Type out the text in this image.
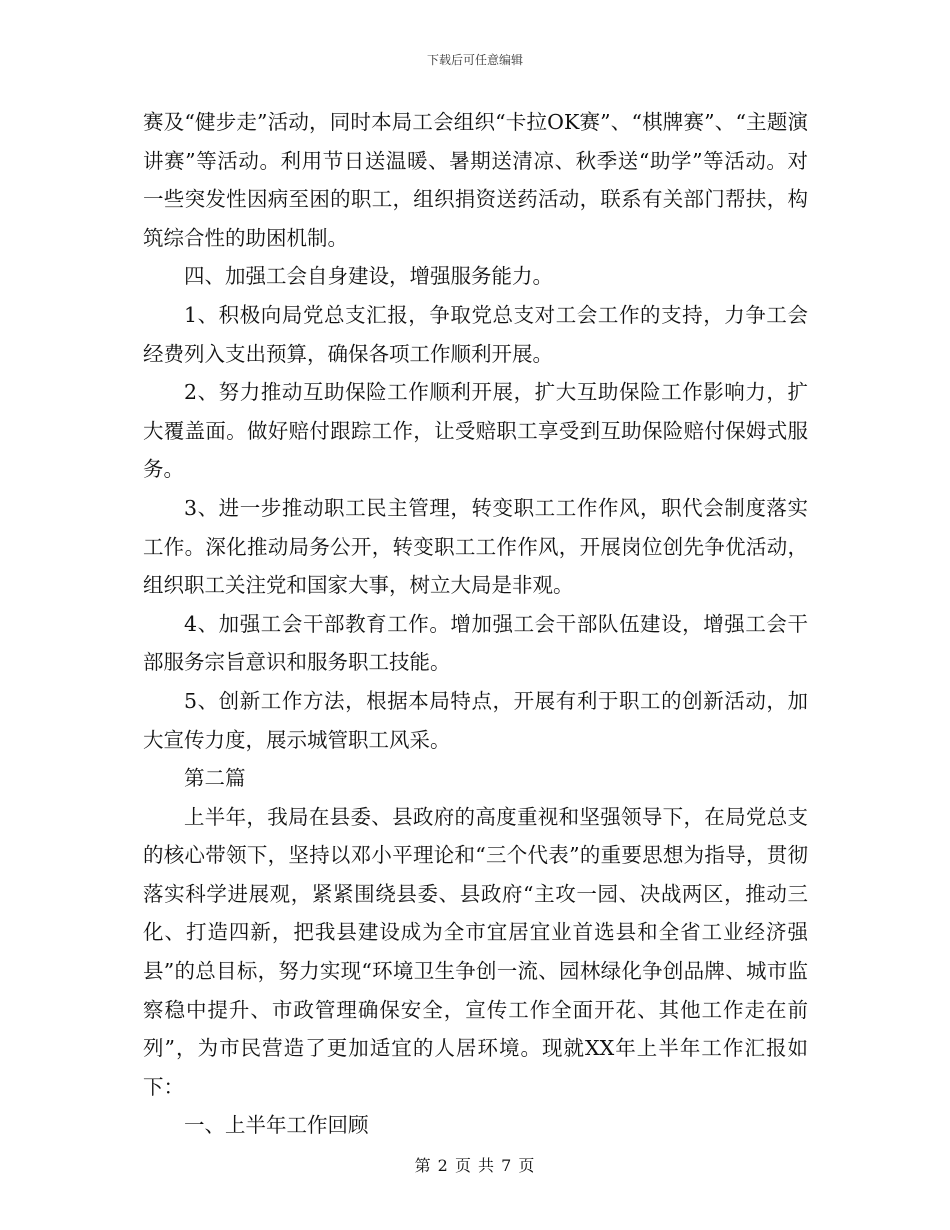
下载后可任意编辑

赛及“健步走”活动，同时本局工会组织“卡拉OK赛”、“棋牌赛”、“主题演讲赛”等活动。利用节日送温暖、暑期送清凉、秋季送“助学”等活动。对一些突发性因病至困的职工，组织捐资送药活动，联系有关部门帮扶，构筑综合性的助困机制。

四、加强工会自身建设，增强服务能力。

1、积极向局党总支汇报，争取党总支对工会工作的支持，力争工会经费列入支出预算，确保各项工作顺利开展。

2、努力推动互助保险工作顺利开展，扩大互助保险工作影响力，扩大覆盖面。做好赔付跟踪工作，让受赔职工享受到互助保险赔付保姆式服务。

3、进一步推动职工民主管理，转变职工工作作风，职代会制度落实工作。深化推动局务公开，转变职工工作作风，开展岗位创先争优活动，组织职工关注党和国家大事，树立大局是非观。

4、加强工会干部教育工作。增加强工会干部队伍建设，增强工会干部服务宗旨意识和服务职工技能。

5、创新工作方法，根据本局特点，开展有利于职工的创新活动，加大宣传力度，展示城管职工风采。

第二篇

上半年，我局在县委、县政府的高度重视和坚强领导下，在局党总支的核心带领下，坚持以邓小平理论和“三个代表”的重要思想为指导，贯彻落实科学进展观，紧紧围绕县委、县政府“主攻一园、决战两区，推动三化、打造四新，把我县建设成为全市宜居宜业首选县和全省工业经济强县”的总目标，努力实现“环境卫生争创一流、园林绿化争创品牌、城市监察稳中提升、市政管理确保安全，宣传工作全面开花、其他工作走在前列”，为市民营造了更加适宜的人居环境。现就XX年上半年工作汇报如下：

一、上半年工作回顾

第 2 页 共 7 页
